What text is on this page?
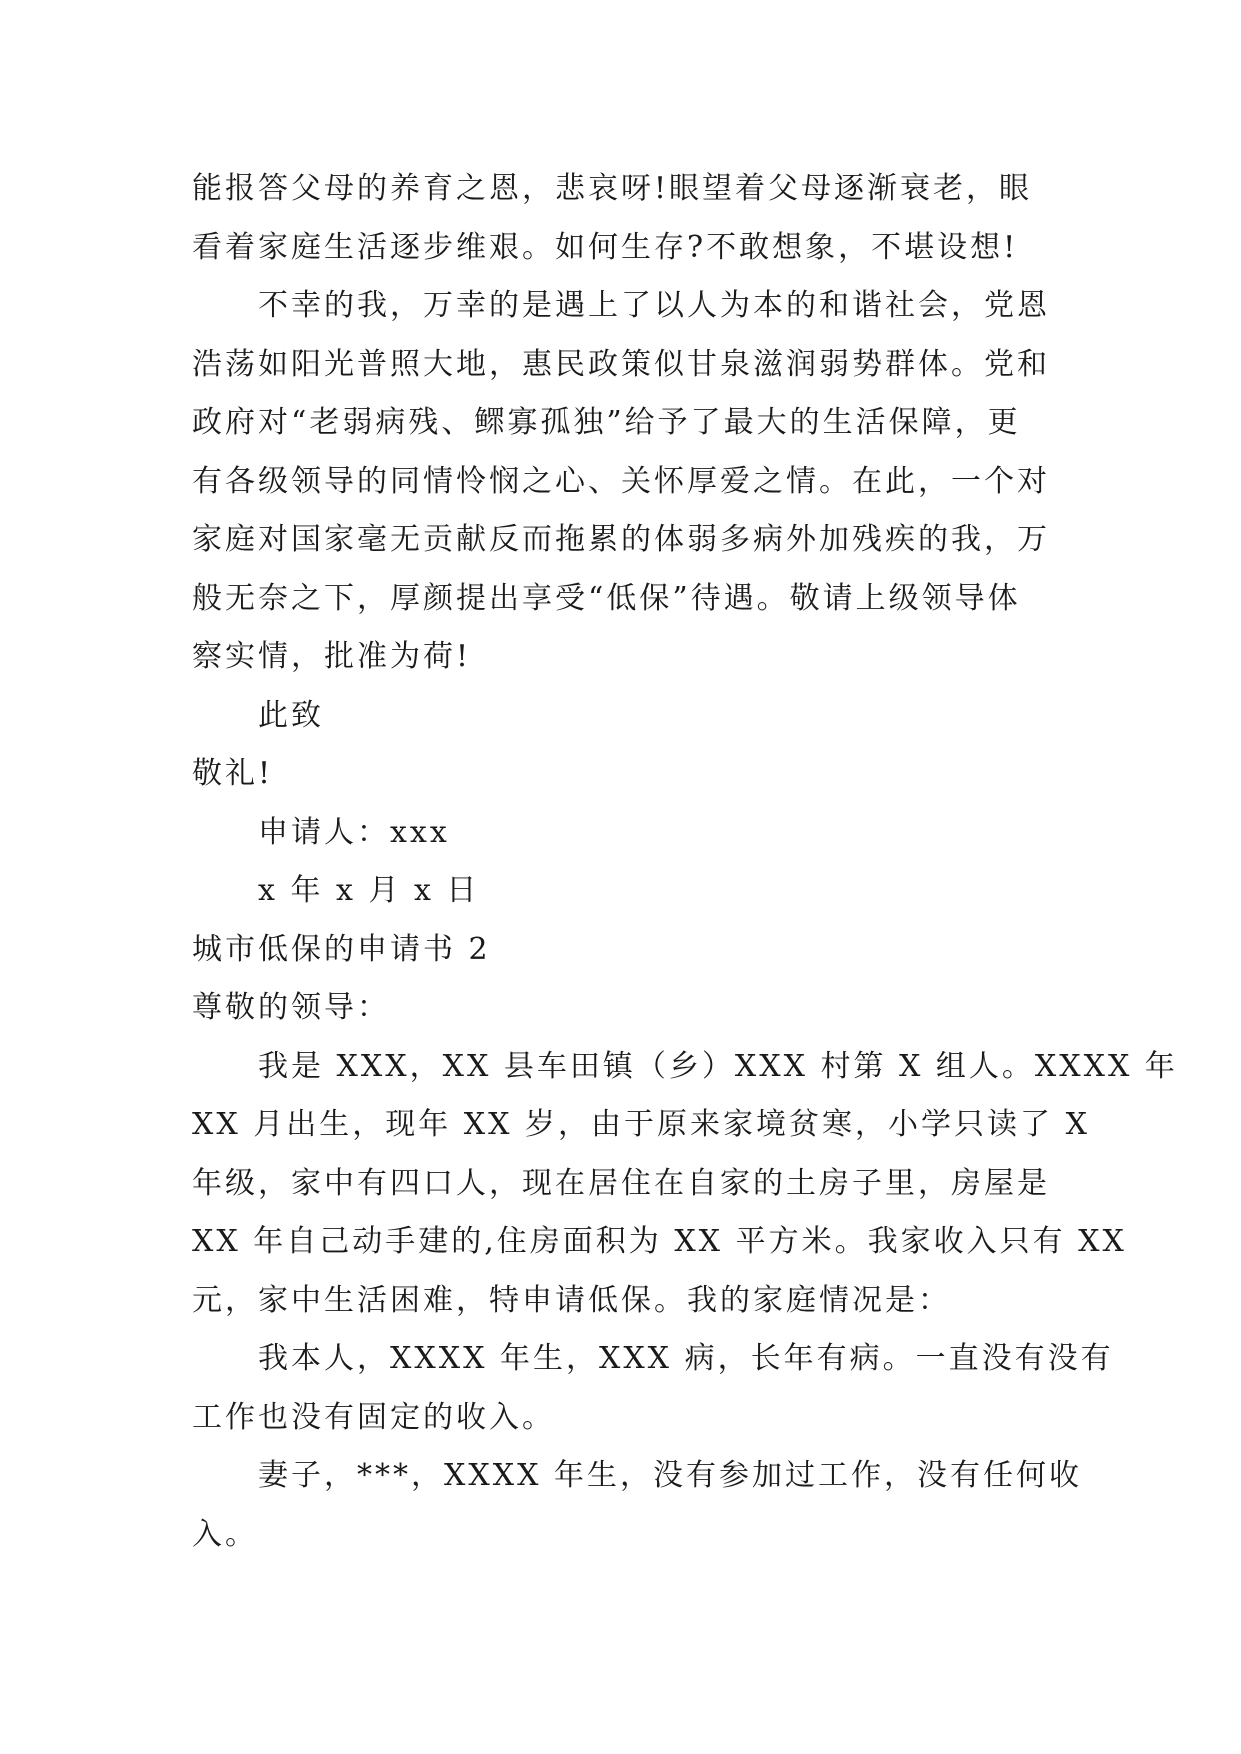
能报答父母的养育之恩，悲哀呀!眼望着父母逐渐衰老，眼
看着家庭生活逐步维艰。如何生存?不敢想象，不堪设想!
不幸的我，万幸的是遇上了以人为本的和谐社会，党恩
浩荡如阳光普照大地，惠民政策似甘泉滋润弱势群体。党和
政府对“老弱病残、鳏寡孤独”给予了最大的生活保障，更
有各级领导的同情怜悯之心、关怀厚爱之情。在此，一个对
家庭对国家毫无贡献反而拖累的体弱多病外加残疾的我，万
般无奈之下，厚颜提出享受“低保”待遇。敬请上级领导体
察实情，批准为荷!
此致
敬礼!
申请人：xxx
x 年 x 月 x 日
城市低保的申请书 2
尊敬的领导：
我是 XXX，XX 县车田镇（乡）XXX 村第 X 组人。XXXX 年
XX 月出生，现年 XX 岁，由于原来家境贫寒，小学只读了 X
年级，家中有四口人，现在居住在自家的土房子里，房屋是
XX 年自己动手建的,住房面积为 XX 平方米。我家收入只有 XX
元，家中生活困难，特申请低保。我的家庭情况是：
我本人，XXXX 年生，XXX 病，长年有病。一直没有没有
工作也没有固定的收入。
妻子，***，XXXX 年生，没有参加过工作，没有任何收
入。
